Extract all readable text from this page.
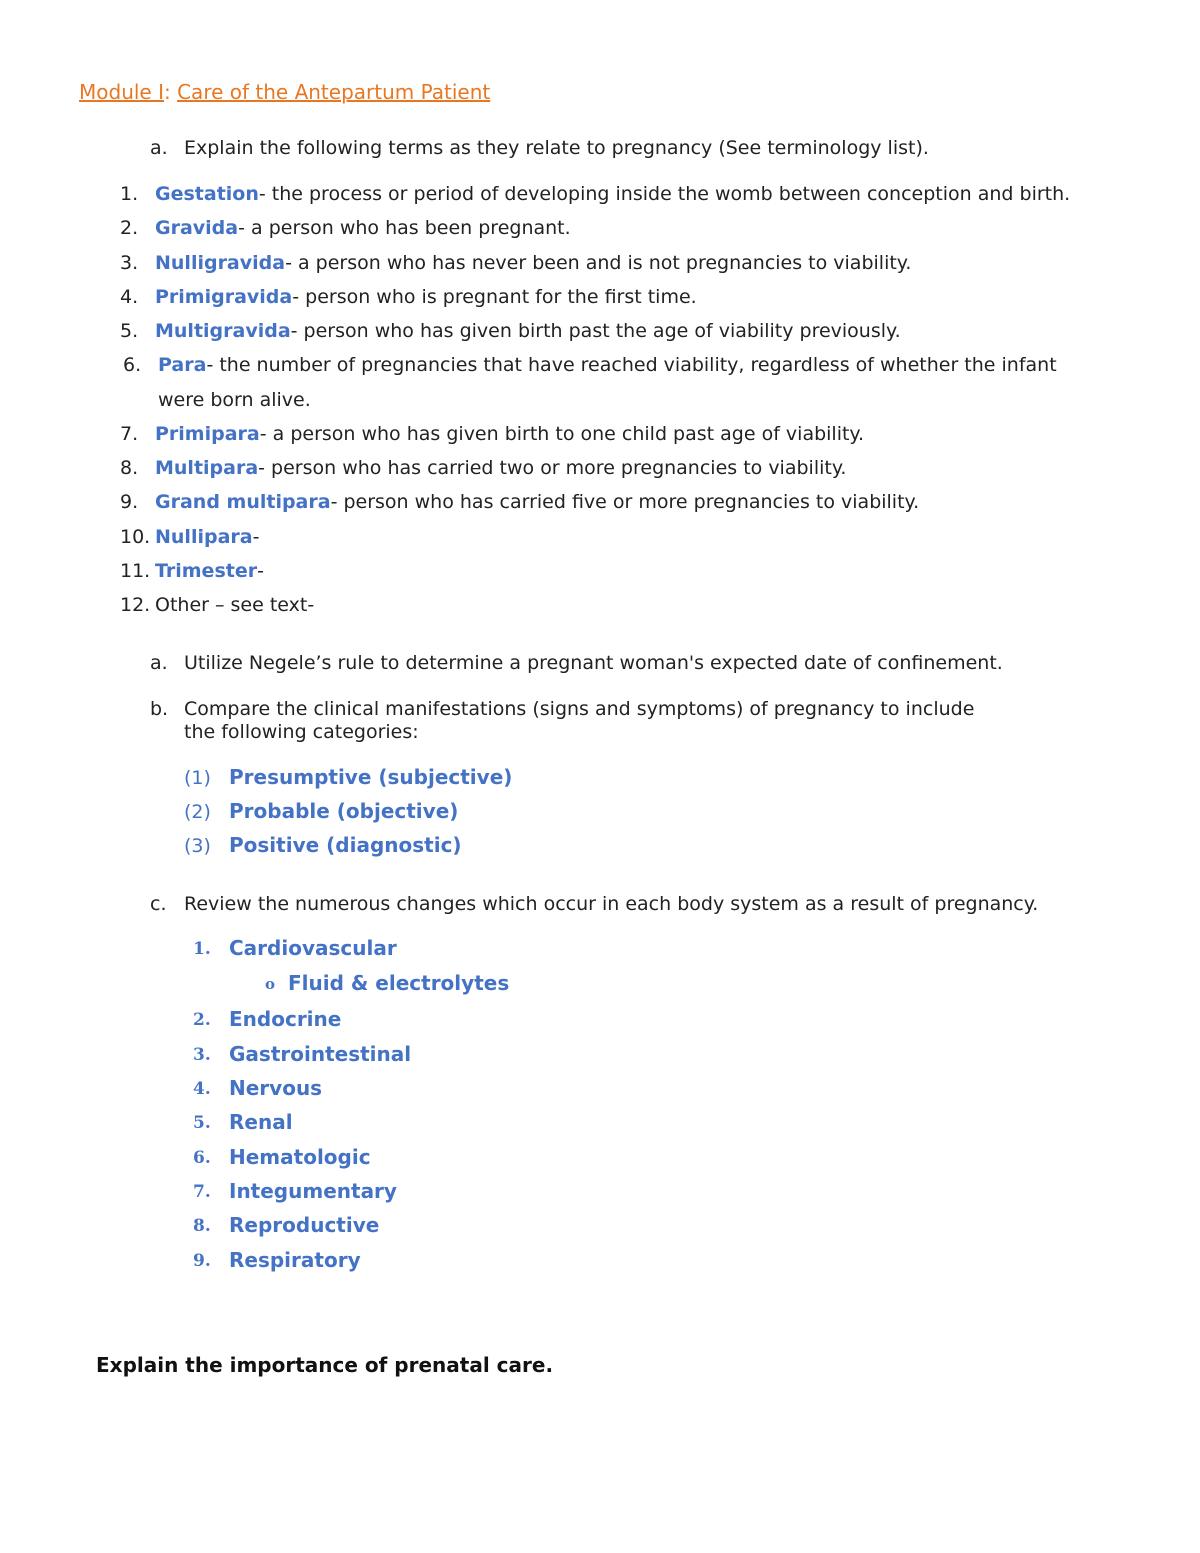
Module I: Care of the Antepartum Patient
a. Explain the following terms as they relate to pregnancy (See terminology list).
1. Gestation- the process or period of developing inside the womb between conception and birth.
2. Gravida- a person who has been pregnant.
3. Nulligravida- a person who has never been and is not pregnancies to viability.
4. Primigravida- person who is pregnant for the first time.
5. Multigravida- person who has given birth past the age of viability previously.
6. Para- the number of pregnancies that have reached viability, regardless of whether the infant
were born alive.
7. Primipara- a person who has given birth to one child past age of viability.
8. Multipara- person who has carried two or more pregnancies to viability.
9. Grand multipara- person who has carried five or more pregnancies to viability.
10. Nullipara-
11. Trimester-
12. Other – see text-
a. Utilize Negele’s rule to determine a pregnant woman's expected date of confinement.
b. Compare the clinical manifestations (signs and symptoms) of pregnancy to include
the following categories:
(1) Presumptive (subjective)
(2) Probable (objective)
(3) Positive (diagnostic)
c. Review the numerous changes which occur in each body system as a result of pregnancy.
1. Cardiovascular
o Fluid & electrolytes
2. Endocrine
3. Gastrointestinal
4. Nervous
5. Renal
6. Hematologic
7. Integumentary
8. Reproductive
9. Respiratory
Explain the importance of prenatal care.
